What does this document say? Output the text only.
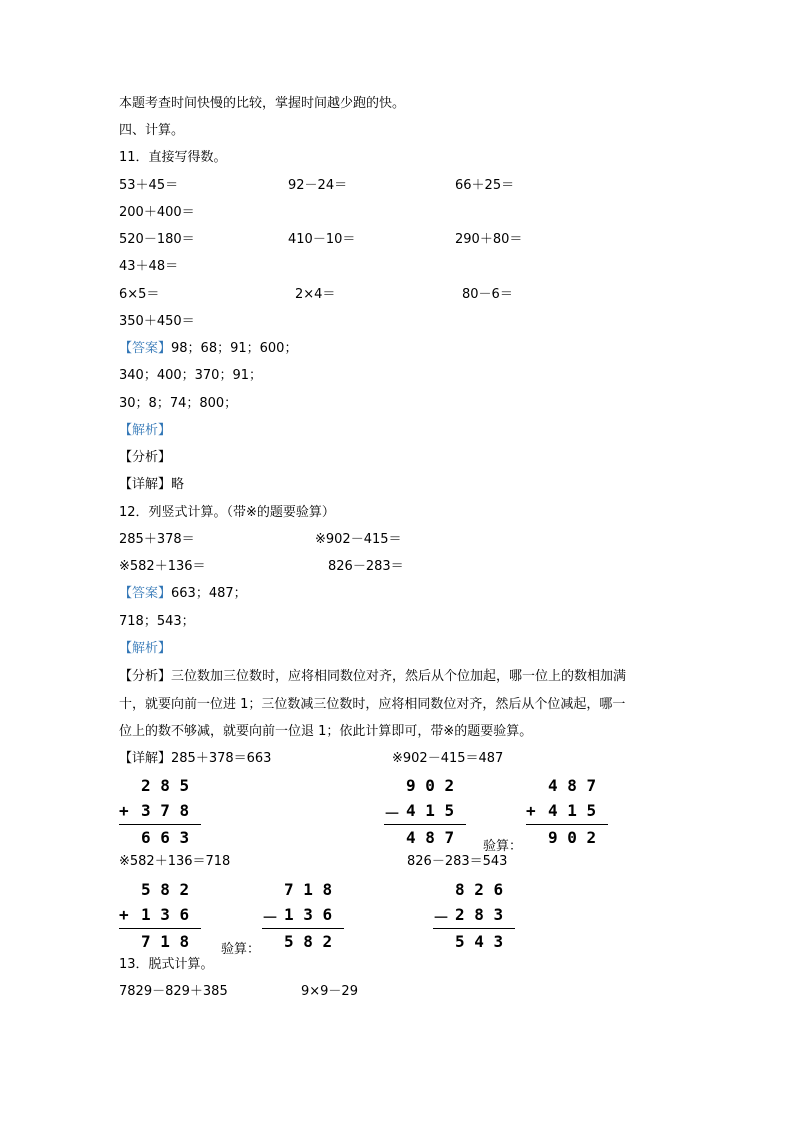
本题考查时间快慢的比较，掌握时间越少跑的快。
四、计算。
11．直接写得数。
53＋45＝	92－24＝	66＋25＝
200＋400＝
520－180＝	410－10＝	290＋80＝
43＋48＝
6×5＝	2×4＝	80－6＝
350＋450＝
【答案】98；68；91；600；
340；400；370；91；
30；8；74；800；
【解析】
【分析】
【详解】略
12．列竖式计算。（带※的题要验算）
285＋378＝	※902－415＝
※582＋136＝	826－283＝
【答案】663；487；
718；543；
【解析】
【分析】三位数加三位数时，应将相同数位对齐，然后从个位加起，哪一位上的数相加满
十，就要向前一位进 1；三位数减三位数时，应将相同数位对齐，然后从个位减起，哪一
位上的数不够减，就要向前一位退 1；依此计算即可，带※的题要验算。
【详解】285＋378＝663	※902－415＝487
2 8 5
+ 3 7 8
6 6 3
9 0 2
－ 4 1 5
4 8 7 验算：
4 8 7
+ 4 1 5
9 0 2
※582＋136＝718	826－283＝543
5 8 2
+ 1 3 6
7 1 8 验算：
7 1 8
－ 1 3 6
5 8 2
8 2 6
－ 2 8 3
5 4 3
13．脱式计算。
7829－829＋385	9×9－29
